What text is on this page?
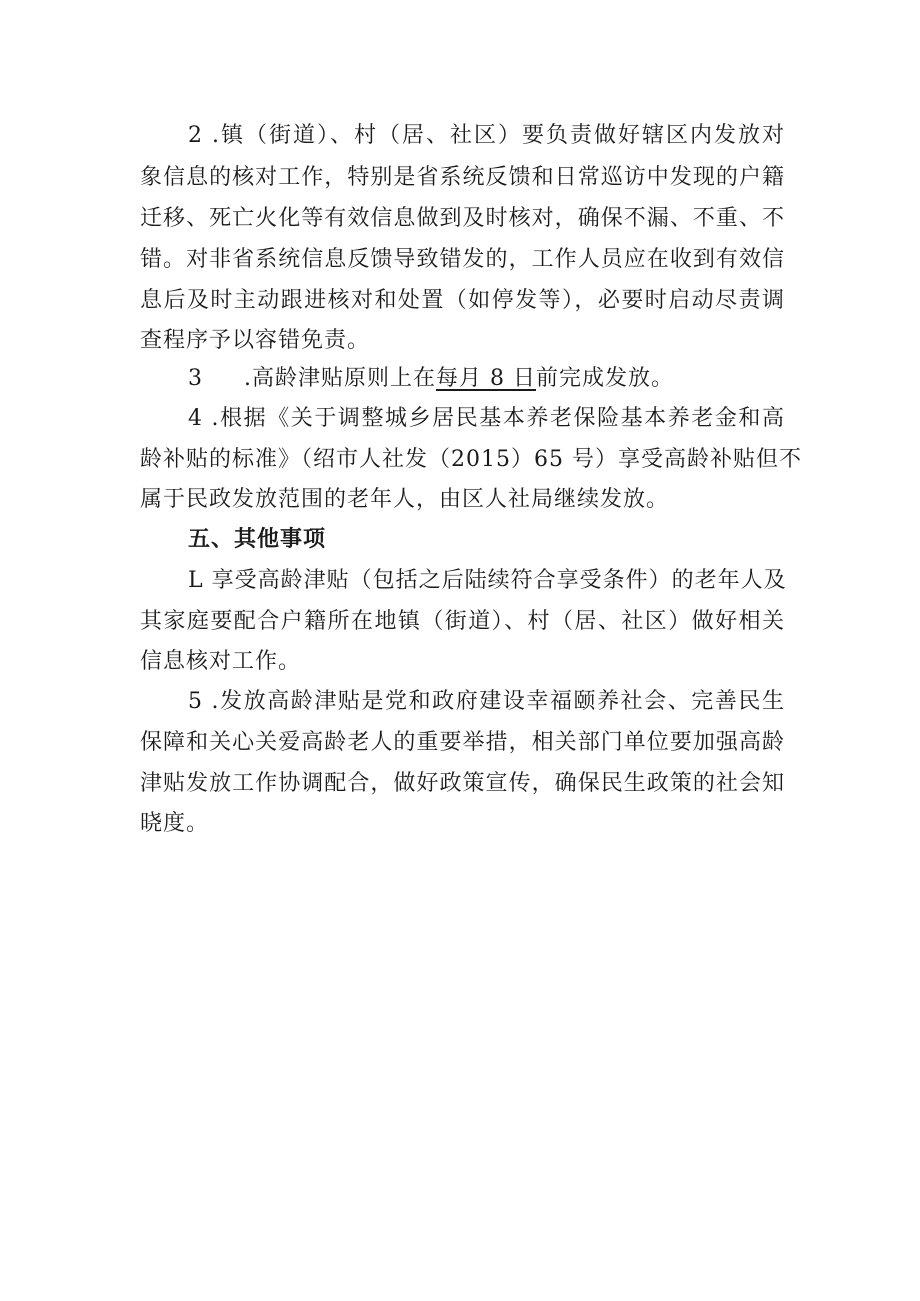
2 .镇（街道）、村（居、社区）要负责做好辖区内发放对
象信息的核对工作，特别是省系统反馈和日常巡访中发现的户籍
迁移、死亡火化等有效信息做到及时核对，确保不漏、不重、不
错。对非省系统信息反馈导致错发的，工作人员应在收到有效信
息后及时主动跟进核对和处置（如停发等），必要时启动尽责调
查程序予以容错免责。
3 .高龄津贴原则上在每月 8 日前完成发放。
4 .根据《关于调整城乡居民基本养老保险基本养老金和高
龄补贴的标准》（绍市人社发（2015）65 号）享受高龄补贴但不
属于民政发放范围的老年人，由区人社局继续发放。
五、其他事项
L 享受高龄津贴（包括之后陆续符合享受条件）的老年人及
其家庭要配合户籍所在地镇（街道）、村（居、社区）做好相关
信息核对工作。
5 .发放高龄津贴是党和政府建设幸福颐养社会、完善民生
保障和关心关爱高龄老人的重要举措，相关部门单位要加强高龄
津贴发放工作协调配合，做好政策宣传，确保民生政策的社会知
晓度。
